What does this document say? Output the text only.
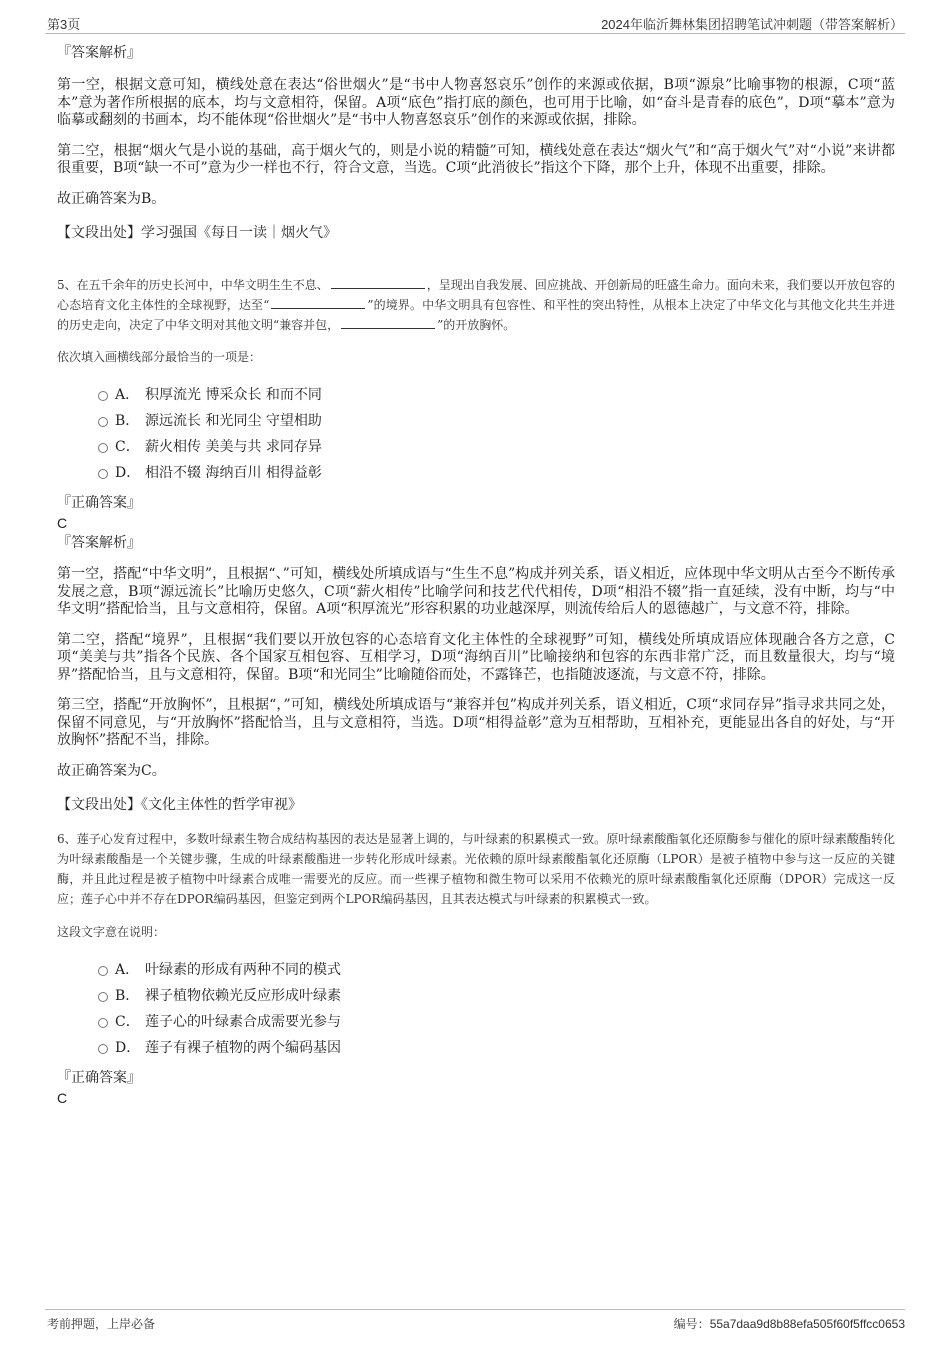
第3页	2024年临沂舞林集团招聘笔试冲刺题（带答案解析）
『答案解析』
第一空，根据文意可知，横线处意在表达“俗世烟火”是“书中人物喜怒哀乐”创作的来源或依据，B项“源泉”比喻事物的根源，C项“蓝本”意为著作所根据的底本，均与文意相符，保留。A项“底色”指打底的颜色，也可用于比喻，如“奋斗是青春的底色”，D项“摹本”意为临摹或翻刻的书画本，均不能体现“俗世烟火”是“书中人物喜怒哀乐”创作的来源或依据，排除。
第二空，根据“烟火气是小说的基础，高于烟火气的，则是小说的精髓”可知，横线处意在表达“烟火气”和“高于烟火气”对“小说”来讲都很重要，B项“缺一不可”意为少一样也不行，符合文意，当选。C项“此消彼长”指这个下降，那个上升，体现不出重要，排除。
故正确答案为B。
【文段出处】学习强国《每日一读｜烟火气》
5、在五千余年的历史长河中，中华文明生生不息、	，呈现出自我发展、回应挑战、开创新局的旺盛生命力。面向未来，我们要以开放包容的心态培育文化主体性的全球视野，达至“	”的境界。中华文明具有包容性、和平性的突出特性，从根本上决定了中华文化与其他文化共生并进的历史走向，决定了中华文明对其他文明“兼容并包，	”的开放胸怀。
依次填入画横线部分最恰当的一项是：
A． 积厚流光 博采众长 和而不同
B． 源远流长 和光同尘 守望相助
C． 薪火相传 美美与共 求同存异
D． 相沿不辍 海纳百川 相得益彰
『正确答案』
C
『答案解析』
第一空，搭配“中华文明”，且根据“、”可知，横线处所填成语与“生生不息”构成并列关系，语义相近，应体现中华文明从古至今不断传承发展之意，B项“源远流长”比喻历史悠久，C项“薪火相传”比喻学问和技艺代代相传，D项“相沿不辍”指一直延续，没有中断，均与“中华文明”搭配恰当，且与文意相符，保留。A项“积厚流光”形容积累的功业越深厚，则流传给后人的恩德越广，与文意不符，排除。
第二空，搭配“境界”，且根据“我们要以开放包容的心态培育文化主体性的全球视野”可知，横线处所填成语应体现融合各方之意，C项“美美与共”指各个民族、各个国家互相包容、互相学习，D项“海纳百川”比喻接纳和包容的东西非常广泛，而且数量很大，均与“境界”搭配恰当，且与文意相符，保留。B项“和光同尘”比喻随俗而处，不露锋芒，也指随波逐流，与文意不符，排除。
第三空，搭配“开放胸怀”，且根据“，”可知，横线处所填成语与“兼容并包”构成并列关系，语义相近，C项“求同存异”指寻求共同之处，保留不同意见，与“开放胸怀”搭配恰当，且与文意相符，当选。D项“相得益彰”意为互相帮助，互相补充，更能显出各自的好处，与“开放胸怀”搭配不当，排除。
故正确答案为C。
【文段出处】《文化主体性的哲学审视》
6、莲子心发育过程中，多数叶绿素生物合成结构基因的表达是显著上调的，与叶绿素的积累模式一致。原叶绿素酸酯氧化还原酶参与催化的原叶绿素酸酯转化为叶绿素酸酯是一个关键步骤，生成的叶绿素酸酯进一步转化形成叶绿素。光依赖的原叶绿素酸酯氧化还原酶（LPOR）是被子植物中参与这一反应的关键酶，并且此过程是被子植物中叶绿素合成唯一需要光的反应。而一些裸子植物和微生物可以采用不依赖光的原叶绿素酸酯氧化还原酶（DPOR）完成这一反应；莲子心中并不存在DPOR编码基因，但鉴定到两个LPOR编码基因，且其表达模式与叶绿素的积累模式一致。
这段文字意在说明：
A． 叶绿素的形成有两种不同的模式
B． 裸子植物依赖光反应形成叶绿素
C． 莲子心的叶绿素合成需要光参与
D． 莲子有裸子植物的两个编码基因
『正确答案』
C
考前押题，上岸必备	编号：55a7daa9d8b88efa505f60f5ffcc0653
